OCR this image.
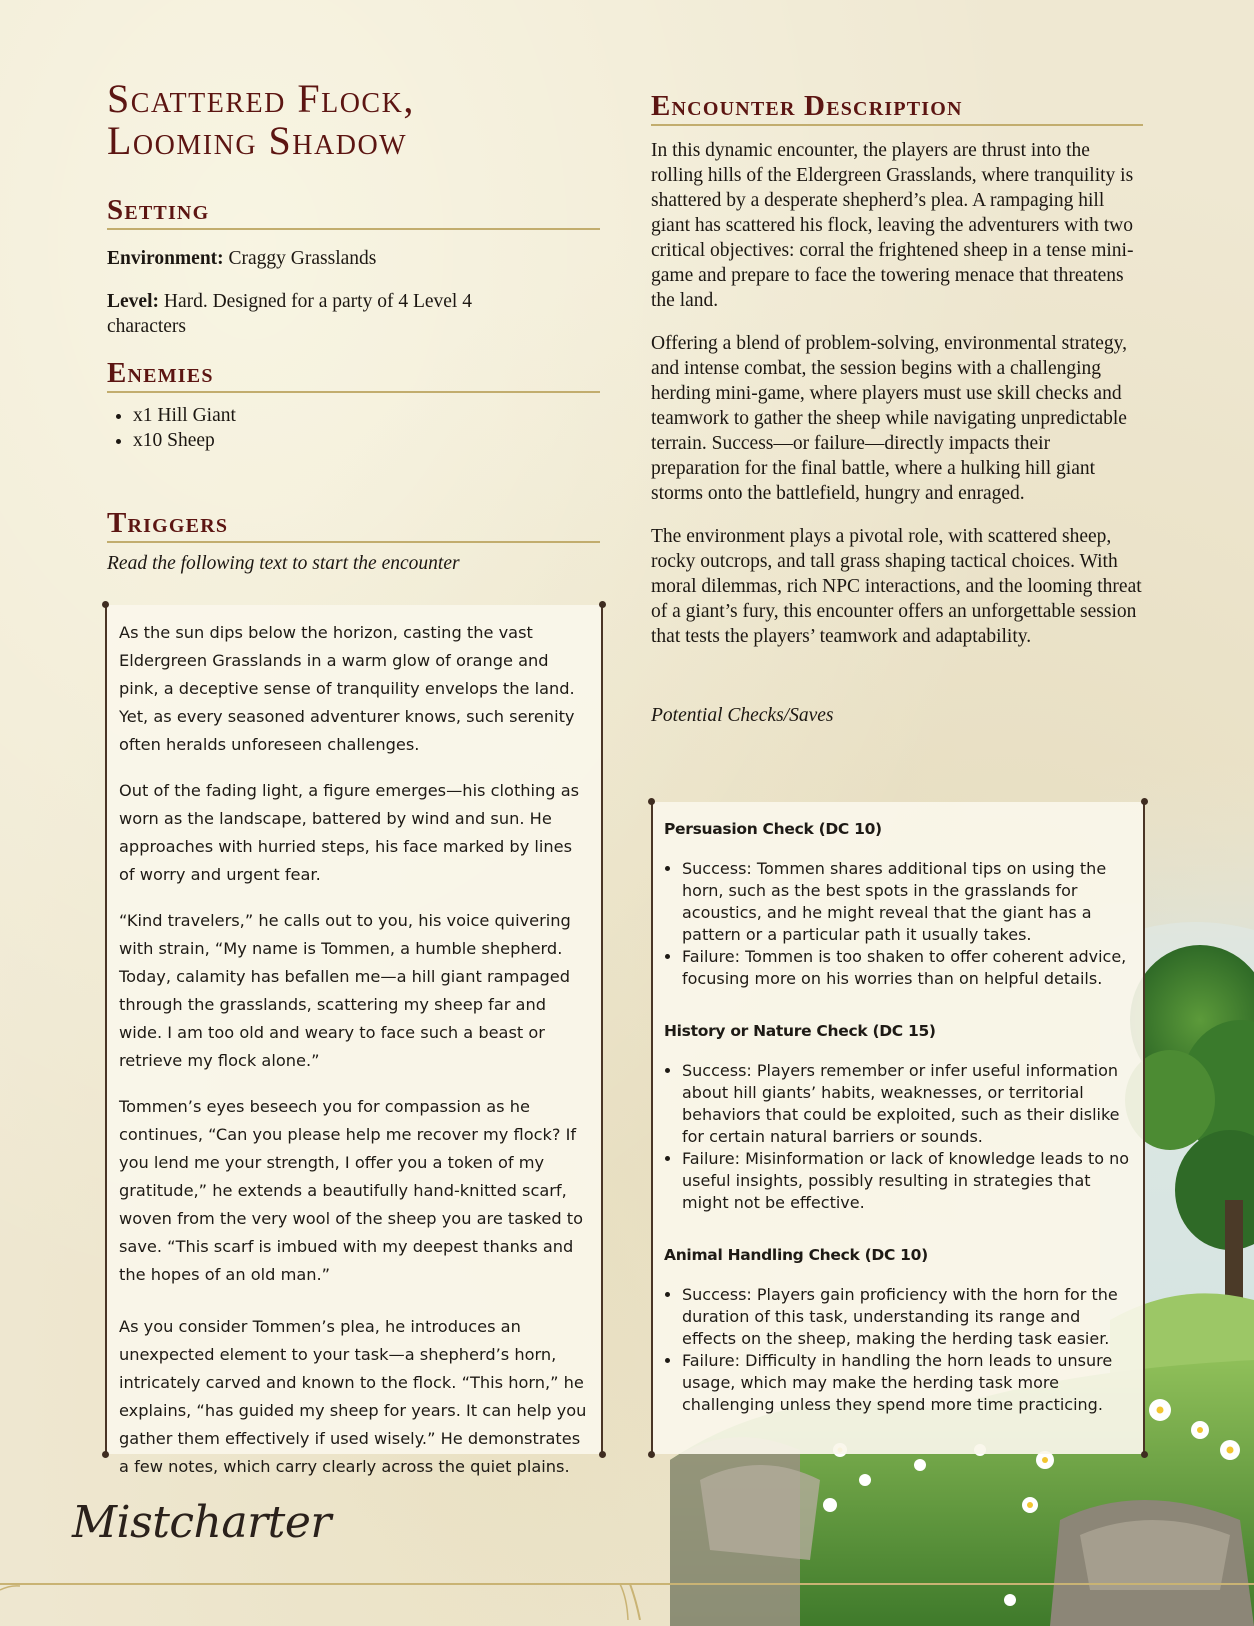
Scattered Flock,
Looming Shadow
Setting

Environment: Craggy Grasslands

Level: Hard. Designed for a party of 4 Level 4 characters

Enemies
• x1 Hill Giant
• x10 Sheep
Triggers
Read the following text to start the encounter

As the sun dips below the horizon, casting the vast Eldergreen Grasslands in a warm glow of orange and pink, a deceptive sense of tranquility envelops the land. Yet, as every seasoned adventurer knows, such serenity often heralds unforeseen challenges.

Out of the fading light, a figure emerges—his clothing as worn as the landscape, battered by wind and sun. He approaches with hurried steps, his face marked by lines of worry and urgent fear.

“Kind travelers,” he calls out to you, his voice quivering with strain, “My name is Tommen, a humble shepherd. Today, calamity has befallen me—a hill giant rampaged through the grasslands, scattering my sheep far and wide. I am too old and weary to face such a beast or retrieve my flock alone.”

Tommen’s eyes beseech you for compassion as he continues, “Can you please help me recover my flock? If you lend me your strength, I offer you a token of my gratitude,” he extends a beautifully hand-knitted scarf, woven from the very wool of the sheep you are tasked to save. “This scarf is imbued with my deepest thanks and the hopes of an old man.”

As you consider Tommen’s plea, he introduces an unexpected element to your task—a shepherd’s horn, intricately carved and known to the flock. “This horn,” he explains, “has guided my sheep for years. It can help you gather them effectively if used wisely.” He demonstrates a few notes, which carry clearly across the quiet plains.

Encounter Description

In this dynamic encounter, the players are thrust into the rolling hills of the Eldergreen Grasslands, where tranquility is shattered by a desperate shepherd’s plea. A rampaging hill giant has scattered his flock, leaving the adventurers with two critical objectives: corral the frightened sheep in a tense mini-game and prepare to face the towering menace that threatens the land.

Offering a blend of problem-solving, environmental strategy, and intense combat, the session begins with a challenging herding mini-game, where players must use skill checks and teamwork to gather the sheep while navigating unpredictable terrain. Success—or failure—directly impacts their preparation for the final battle, where a hulking hill giant storms onto the battlefield, hungry and enraged.

The environment plays a pivotal role, with scattered sheep, rocky outcrops, and tall grass shaping tactical choices. With moral dilemmas, rich NPC interactions, and the looming threat of a giant’s fury, this encounter offers an unforgettable session that tests the players’ teamwork and adaptability.

Potential Checks/Saves
Persuasion Check (DC 10)
• Success: Tommen shares additional tips on using the horn, such as the best spots in the grasslands for acoustics, and he might reveal that the giant has a pattern or a particular path it usually takes.
• Failure: Tommen is too shaken to offer coherent advice, focusing more on his worries than on helpful details.
History or Nature Check (DC 15)
• Success: Players remember or infer useful information about hill giants’ habits, weaknesses, or territorial behaviors that could be exploited, such as their dislike for certain natural barriers or sounds.
• Failure: Misinformation or lack of knowledge leads to no useful insights, possibly resulting in strategies that might not be effective.
Animal Handling Check (DC 10)
• Success: Players gain proficiency with the horn for the duration of this task, understanding its range and effects on the sheep, making the herding task easier.
• Failure: Difficulty in handling the horn leads to unsure usage, which may make the herding task more challenging unless they spend more time practicing.
Mistcharter
